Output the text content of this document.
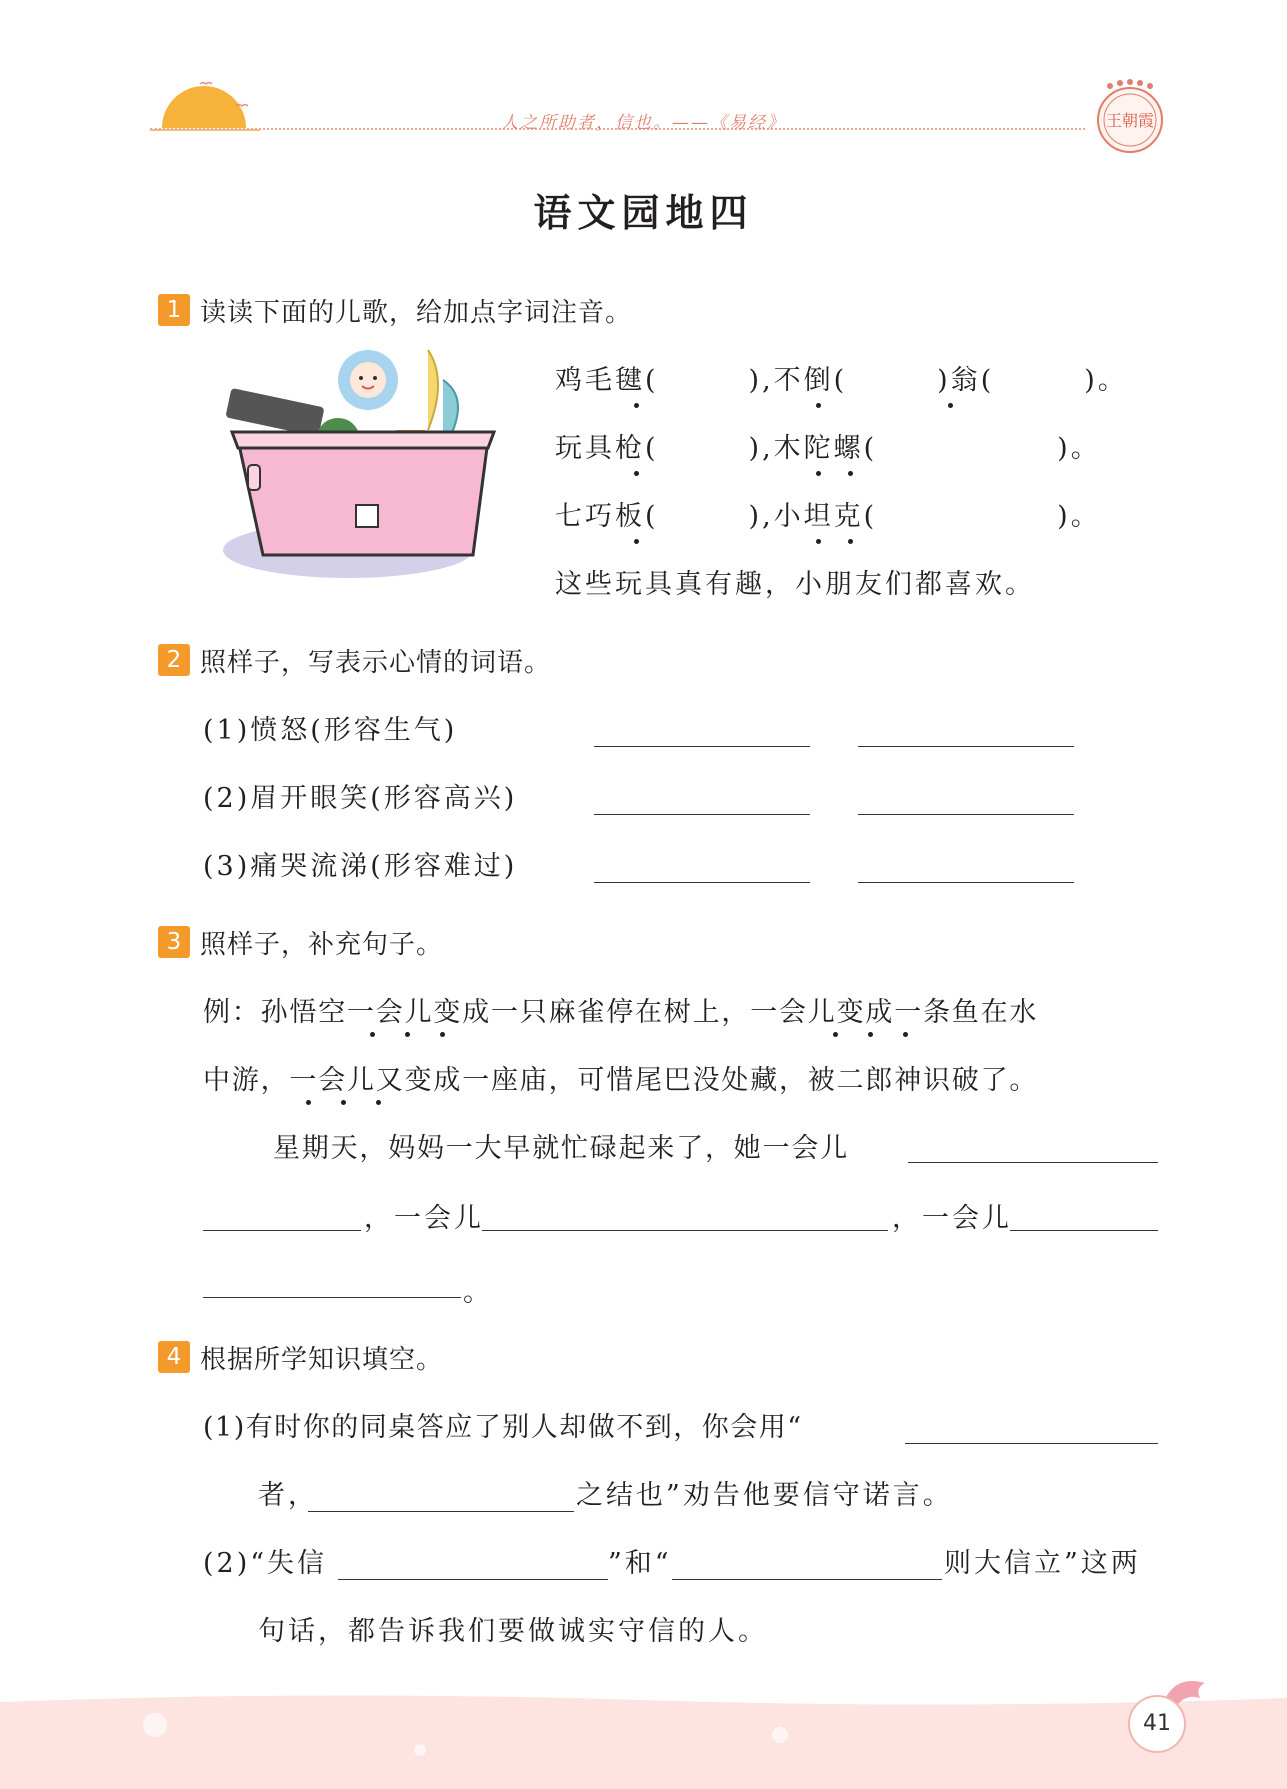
人之所助者，信也。——《易经》	王朝霞
语文园地四
1 读读下面的儿歌，给加点字词注音。
鸡毛毽(　　　),不倒(　　　)翁(　　　)。
玩具枪(　　　),木陀螺(　　　　　　)。
七巧板(　　　),小坦克(　　　　　　)。
这些玩具真有趣，小朋友们都喜欢。
2 照样子，写表示心情的词语。
(1)愤怒(形容生气)
(2)眉开眼笑(形容高兴)
(3)痛哭流涕(形容难过)
3 照样子，补充句子。
例：孙悟空一会儿变成一只麻雀停在树上，一会儿变成一条鱼在水
中游，一会儿又变成一座庙，可惜尾巴没处藏，被二郎神识破了。
星期天，妈妈一大早就忙碌起来了，她一会儿
，一会儿	，一会儿
。
4 根据所学知识填空。
(1)有时你的同桌答应了别人却做不到，你会用“
者，	之结也”劝告他要信守诺言。
(2)“失信	”和“	则大信立”这两
句话，都告诉我们要做诚实守信的人。
41
